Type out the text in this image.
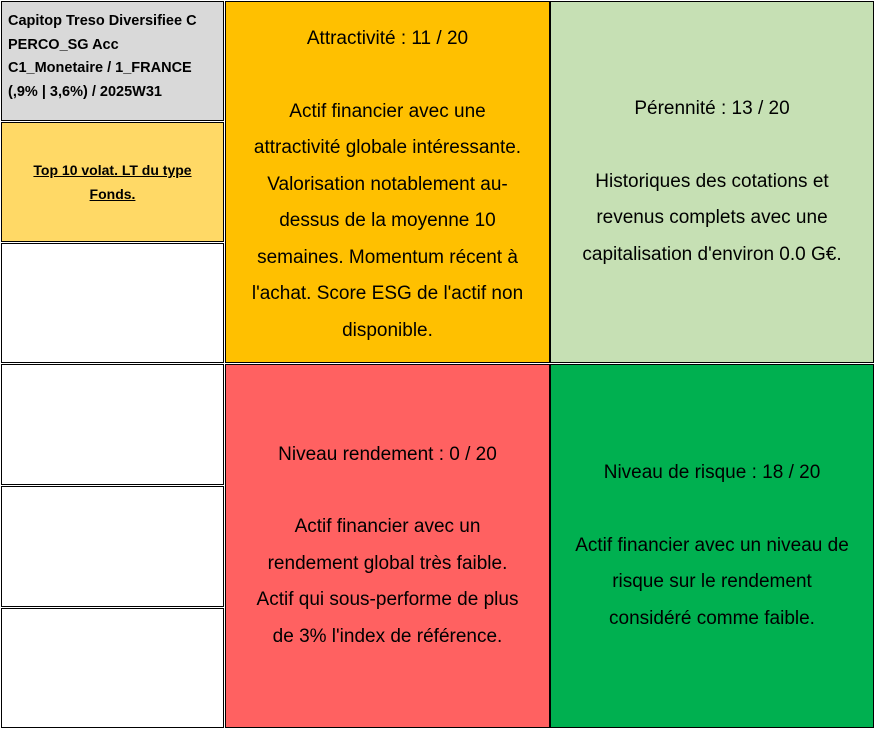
Capitop Treso Diversifiee C
PERCO_SG Acc
C1_Monetaire / 1_FRANCE
(,9% | 3,6%) / 2025W31
Top 10 volat. LT du type
Fonds.
Attractivité : 11 / 20
Actif financier avec une
attractivité globale intéressante.
Valorisation notablement au-
dessus de la moyenne 10
semaines. Momentum récent à
l'achat. Score ESG de l'actif non
disponible.
Pérennité : 13 / 20
Historiques des cotations et
revenus complets avec une
capitalisation d'environ 0.0 G€.
Niveau rendement : 0 / 20
Actif financier avec un
rendement global très faible.
Actif qui sous-performe de plus
de 3% l'index de référence.
Niveau de risque : 18 / 20
Actif financier avec un niveau de
risque sur le rendement
considéré comme faible.
